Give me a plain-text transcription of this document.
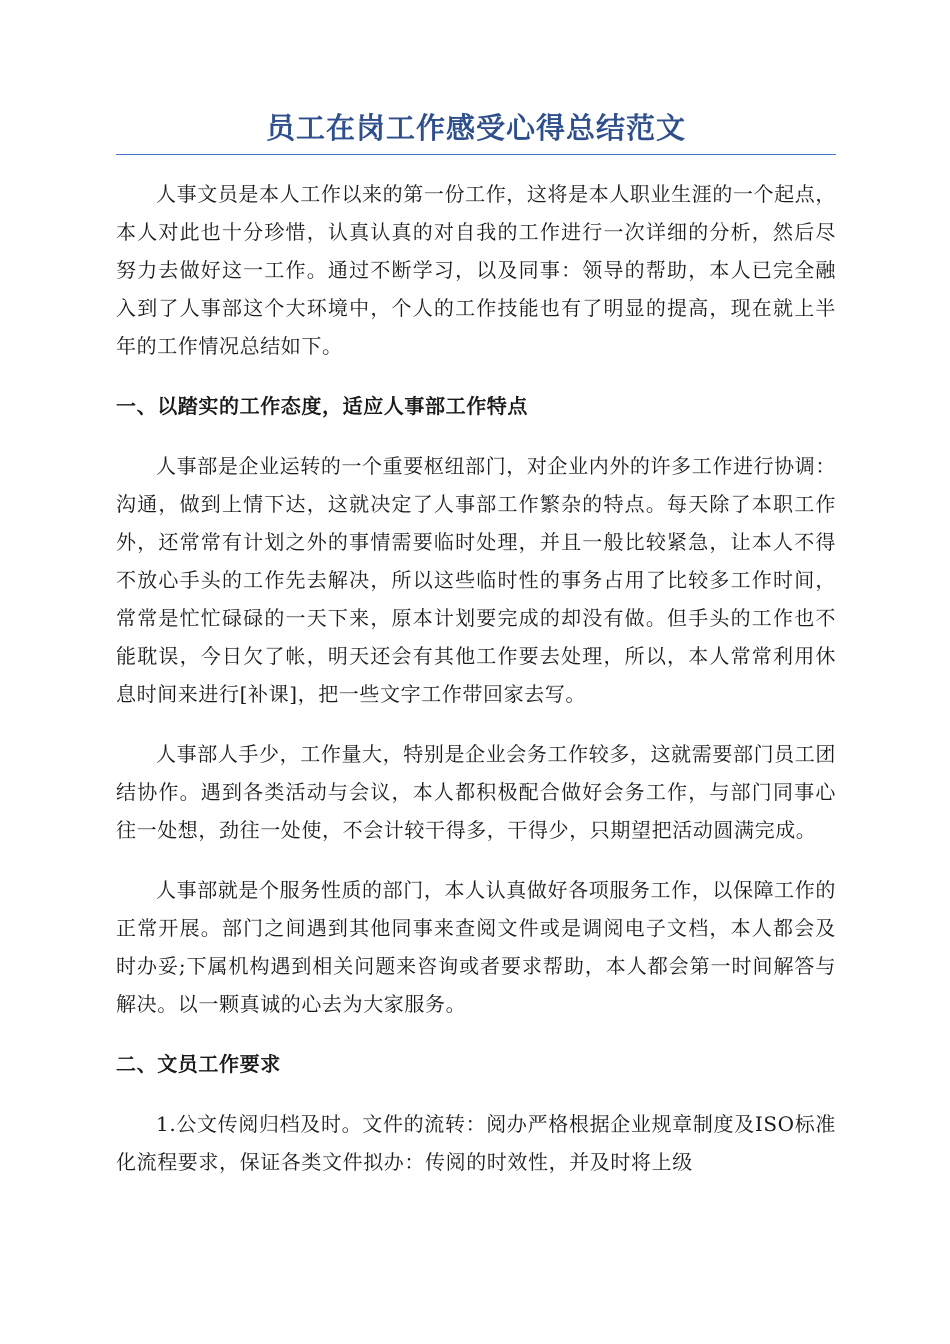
员工在岗工作感受心得总结范文

人事文员是本人工作以来的第一份工作，这将是本人职业生涯的一个起点，本人对此也十分珍惜，认真认真的对自我的工作进行一次详细的分析，然后尽努力去做好这一工作。通过不断学习，以及同事：领导的帮助，本人已完全融入到了人事部这个大环境中，个人的工作技能也有了明显的提高，现在就上半年的工作情况总结如下。

一、以踏实的工作态度，适应人事部工作特点

人事部是企业运转的一个重要枢纽部门，对企业内外的许多工作进行协调：沟通，做到上情下达，这就决定了人事部工作繁杂的特点。每天除了本职工作外，还常常有计划之外的事情需要临时处理，并且一般比较紧急，让本人不得不放心手头的工作先去解决，所以这些临时性的事务占用了比较多工作时间，常常是忙忙碌碌的一天下来，原本计划要完成的却没有做。但手头的工作也不能耽误，今日欠了帐，明天还会有其他工作要去处理，所以，本人常常利用休息时间来进行[补课]，把一些文字工作带回家去写。

人事部人手少，工作量大，特别是企业会务工作较多，这就需要部门员工团结协作。遇到各类活动与会议，本人都积极配合做好会务工作，与部门同事心往一处想，劲往一处使，不会计较干得多，干得少，只期望把活动圆满完成。

人事部就是个服务性质的部门，本人认真做好各项服务工作，以保障工作的正常开展。部门之间遇到其他同事来查阅文件或是调阅电子文档，本人都会及时办妥;下属机构遇到相关问题来咨询或者要求帮助，本人都会第一时间解答与解决。以一颗真诚的心去为大家服务。

二、文员工作要求

1.公文传阅归档及时。文件的流转：阅办严格根据企业规章制度及ISO标准化流程要求，保证各类文件拟办：传阅的时效性，并及时将上级
